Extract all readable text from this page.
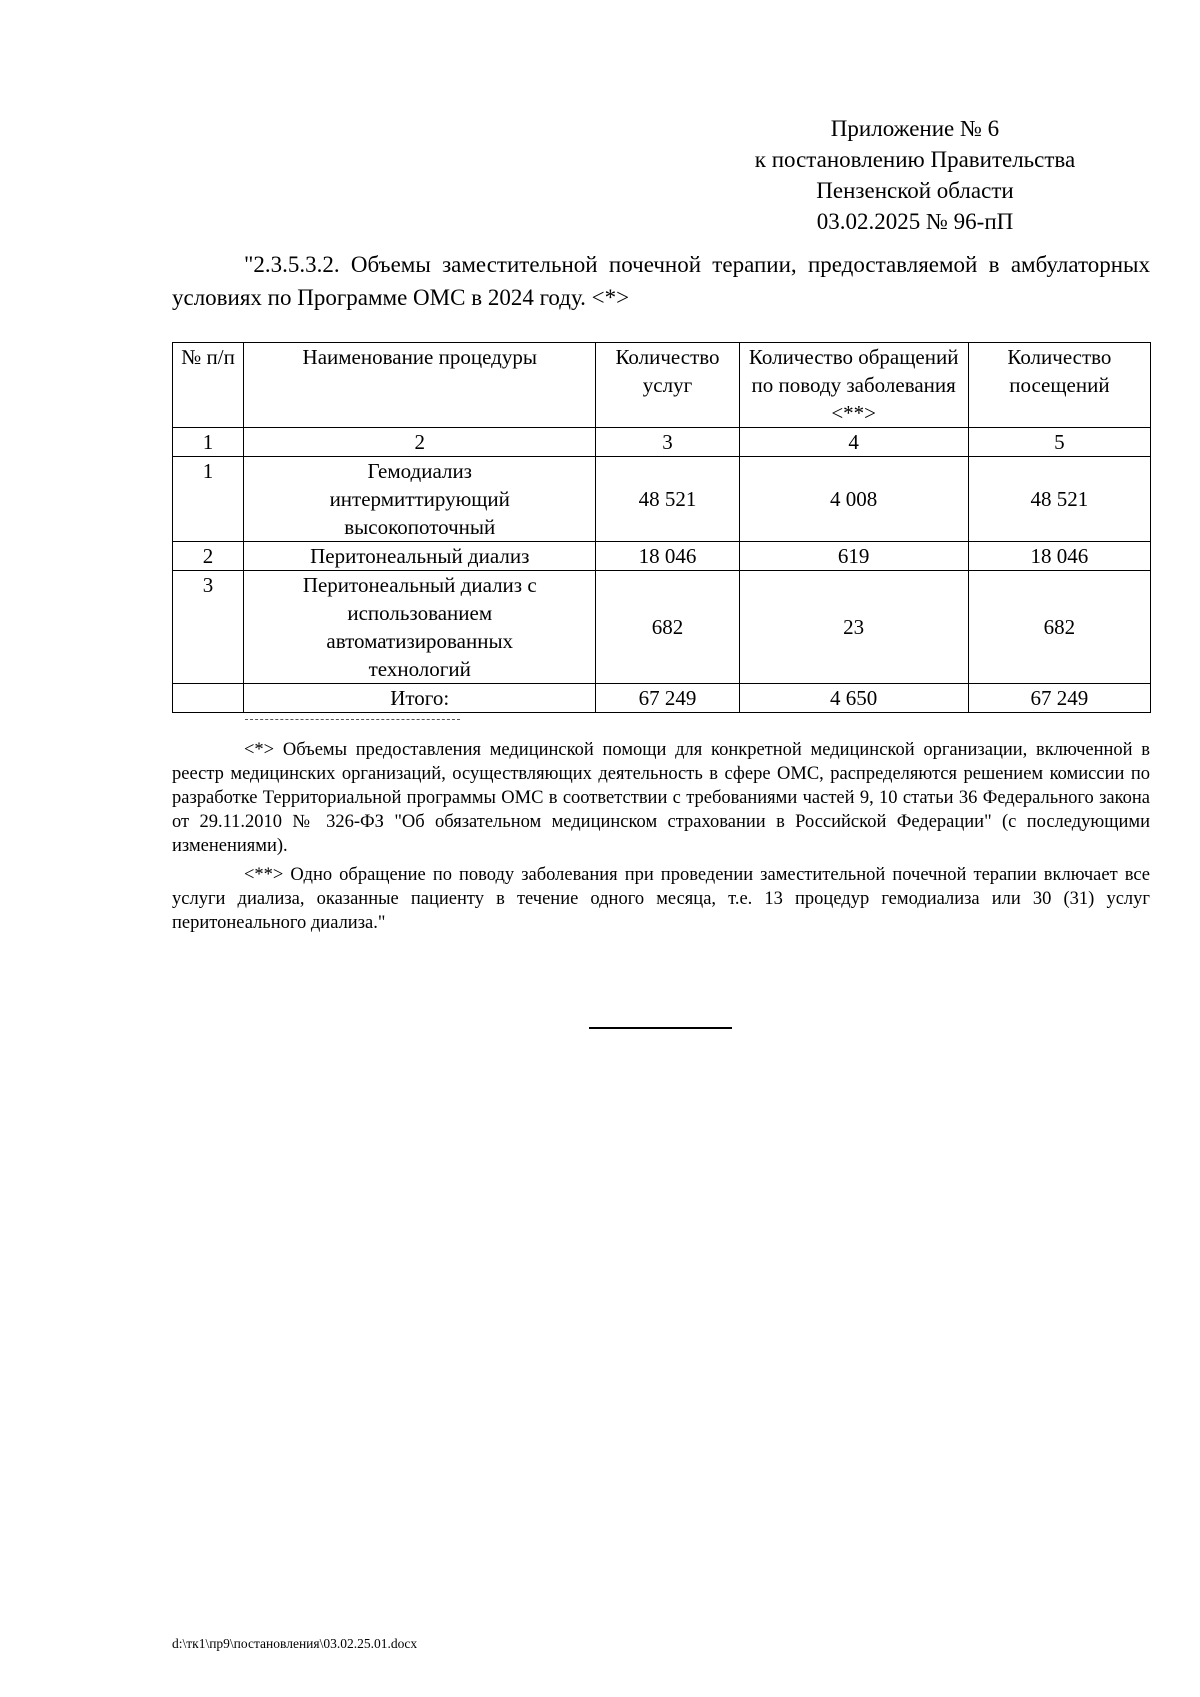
Приложение № 6
к постановлению Правительства
Пензенской области
03.02.2025 № 96-пП
"2.3.5.3.2. Объемы заместительной почечной терапии, предоставляемой в амбулаторных условиях по Программе ОМС в 2024 году. <*>
№ п/п	Наименование процедуры	Количество услуг	Количество обращений по поводу заболевания <**>	Количество посещений
1	2	3	4	5
1	Гемодиализ интермиттирующий высокопоточный	48 521	4 008	48 521
2	Перитонеальный диализ	18 046	619	18 046
3	Перитонеальный диализ с использованием автоматизированных технологий	682	23	682
	Итого:	67 249	4 650	67 249

<*> Объемы предоставления медицинской помощи для конкретной медицинской организации, включенной в реестр медицинских организаций, осуществляющих деятельность в сфере ОМС, распределяются решением комиссии по разработке Территориальной программы ОМС в соответствии с требованиями частей 9, 10 статьи 36 Федерального закона от 29.11.2010 № 326-ФЗ "Об обязательном медицинском страховании в Российской Федерации" (с последующими изменениями).

<**> Одно обращение по поводу заболевания при проведении заместительной почечной терапии включает все услуги диализа, оказанные пациенту в течение одного месяца, т.е. 13 процедур гемодиализа или 30 (31) услуг перитонеального диализа."

d:\тк1\пр9\постановления\03.02.25.01.docx
